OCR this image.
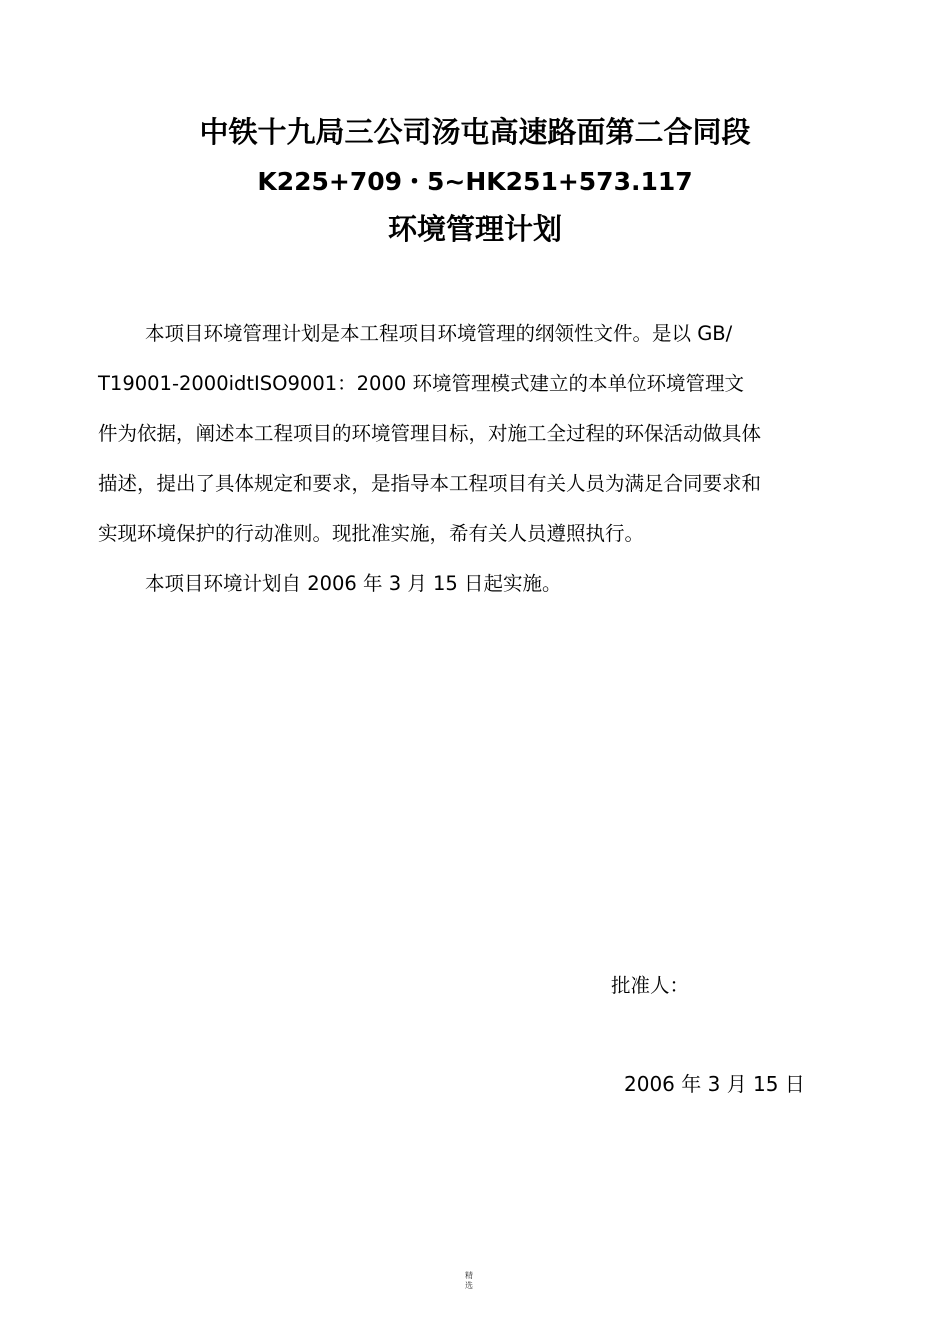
中铁十九局三公司汤屯高速路面第二合同段
K225+709・5~HK251+573.117
环境管理计划
本项目环境管理计划是本工程项目环境管理的纲领性文件。是以 GB/
T19001-2000idtISO9001：2000 环境管理模式建立的本单位环境管理文
件为依据，阐述本工程项目的环境管理目标，对施工全过程的环保活动做具体
描述，提出了具体规定和要求，是指导本工程项目有关人员为满足合同要求和
实现环境保护的行动准则。现批准实施，希有关人员遵照执行。
本项目环境计划自 2006 年 3 月 15 日起实施。
批准人：
2006 年 3 月 15 日
精
选
